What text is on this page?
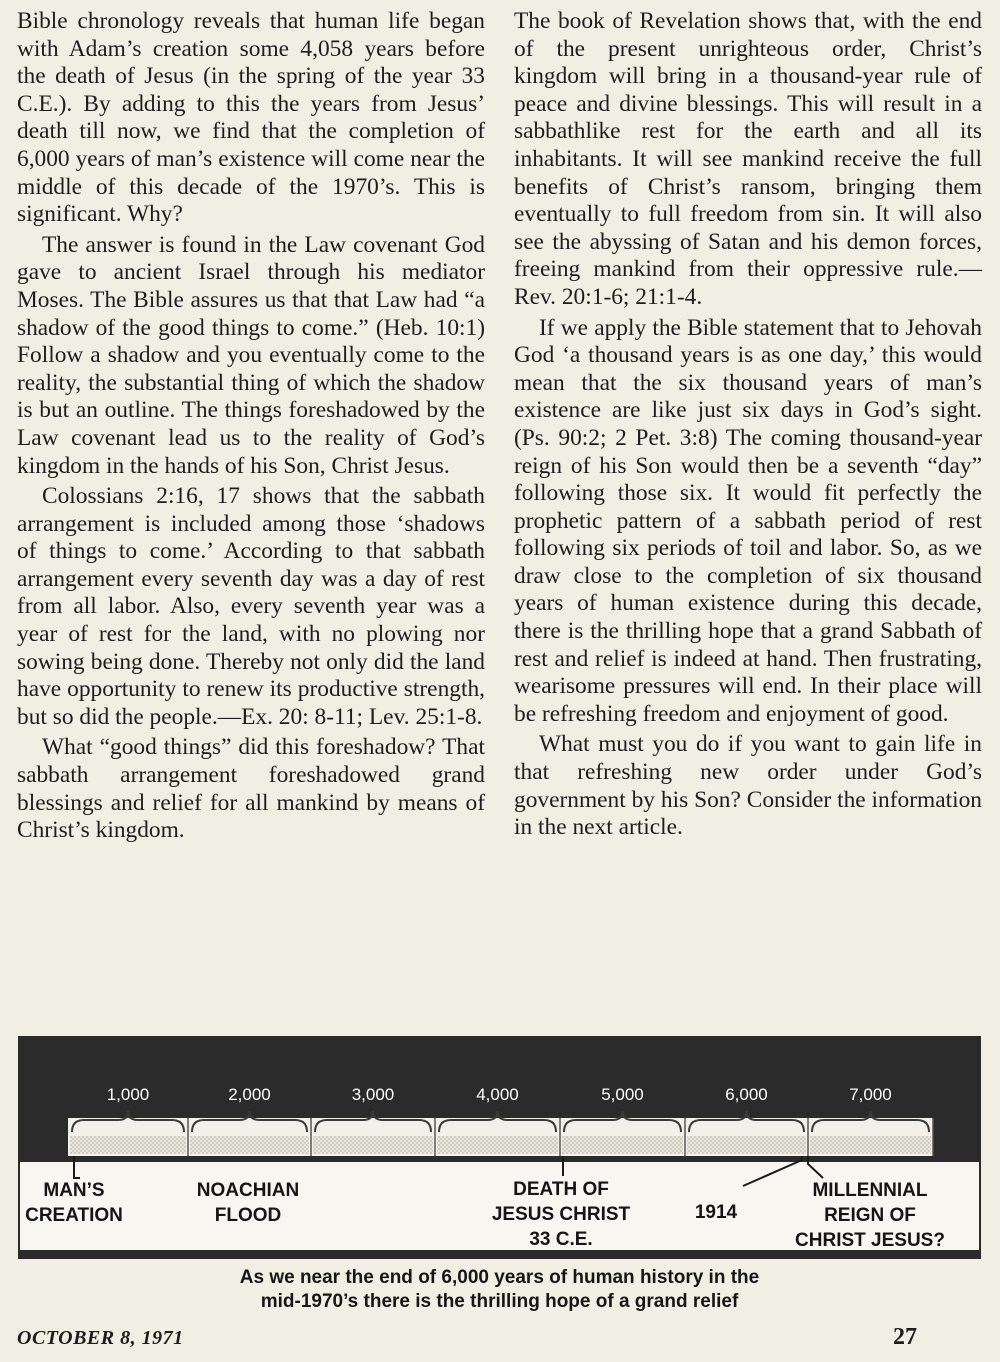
Bible chronology reveals that human life began with Adam’s creation some 4,058 years before the death of Jesus (in the spring of the year 33 C.E.). By adding to this the years from Jesus’ death till now, we find that the completion of 6,000 years of man’s existence will come near the middle of this decade of the 1970’s. This is significant. Why?

The answer is found in the Law covenant God gave to ancient Israel through his mediator Moses. The Bible assures us that that Law had “a shadow of the good things to come.” (Heb. 10:1) Follow a shadow and you eventually come to the reality, the substantial thing of which the shadow is but an outline. The things foreshadowed by the Law covenant lead us to the reality of God’s kingdom in the hands of his Son, Christ Jesus.

Colossians 2:16, 17 shows that the sabbath arrangement is included among those ‘shadows of things to come.’ According to that sabbath arrangement every seventh day was a day of rest from all labor. Also, every seventh year was a year of rest for the land, with no plowing nor sowing being done. Thereby not only did the land have opportunity to renew its productive strength, but so did the people.—Ex. 20: 8-11; Lev. 25:1-8.

What “good things” did this foreshadow? That sabbath arrangement foreshadowed grand blessings and relief for all mankind by means of Christ’s kingdom.

The book of Revelation shows that, with the end of the present unrighteous order, Christ’s kingdom will bring in a thousand-year rule of peace and divine blessings. This will result in a sabbathlike rest for the earth and all its inhabitants. It will see mankind receive the full benefits of Christ’s ransom, bringing them eventually to full freedom from sin. It will also see the abyssing of Satan and his demon forces, freeing mankind from their oppressive rule.—Rev. 20:1-6; 21:1-4.

If we apply the Bible statement that to Jehovah God ‘a thousand years is as one day,’ this would mean that the six thousand years of man’s existence are like just six days in God’s sight. (Ps. 90:2; 2 Pet. 3:8) The coming thousand-year reign of his Son would then be a seventh “day” following those six. It would fit perfectly the prophetic pattern of a sabbath period of rest following six periods of toil and labor. So, as we draw close to the completion of six thousand years of human existence during this decade, there is the thrilling hope that a grand Sabbath of rest and relief is indeed at hand. Then frustrating, wearisome pressures will end. In their place will be refreshing freedom and enjoyment of good.

What must you do if you want to gain life in that refreshing new order under God’s government by his Son? Consider the information in the next article.

1,000	2,000	3,000	4,000	5,000	6,000	7,000
MAN’S
CREATION
NOACHIAN
FLOOD
DEATH OF
JESUS CHRIST
33 C.E.
1914
MILLENNIAL
REIGN OF
CHRIST JESUS?
As we near the end of 6,000 years of human history in the
mid-1970’s there is the thrilling hope of a grand relief
OCTOBER 8, 1971	27
